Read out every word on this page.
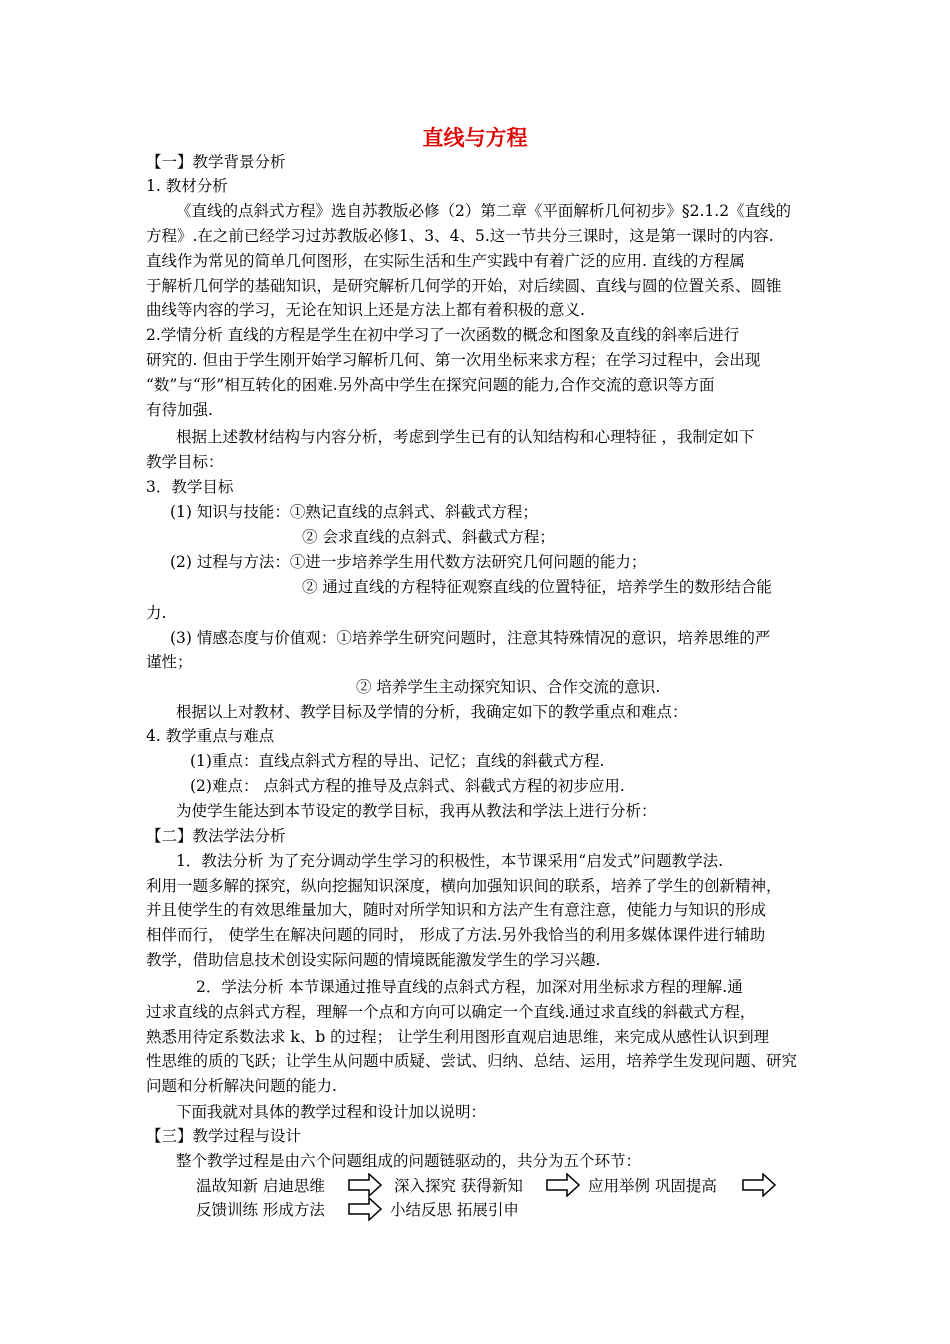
直线与方程
【一】教学背景分析
1. 教材分析
《直线的点斜式方程》选自苏教版必修（2）第二章《平面解析几何初步》§2.1.2《直线的
方程》.在之前已经学习过苏教版必修1、3、4、5.这一节共分三课时，这是第一课时的内容.
直线作为常见的简单几何图形，在实际生活和生产实践中有着广泛的应用. 直线的方程属
于解析几何学的基础知识，是研究解析几何学的开始，对后续圆、直线与圆的位置关系、圆锥
曲线等内容的学习，无论在知识上还是方法上都有着积极的意义.
2.学情分析 直线的方程是学生在初中学习了一次函数的概念和图象及直线的斜率后进行
研究的. 但由于学生刚开始学习解析几何、第一次用坐标来求方程；在学习过程中，会出现
“数”与“形”相互转化的困难.另外高中学生在探究问题的能力,合作交流的意识等方面
有待加强.
根据上述教材结构与内容分析，考虑到学生已有的认知结构和心理特征 ，我制定如下
教学目标：
3．教学目标
(1) 知识与技能：①熟记直线的点斜式、斜截式方程；
② 会求直线的点斜式、斜截式方程；
(2) 过程与方法：①进一步培养学生用代数方法研究几何问题的能力；
② 通过直线的方程特征观察直线的位置特征，培养学生的数形结合能
力.
(3) 情感态度与价值观：①培养学生研究问题时，注意其特殊情况的意识，培养思维的严
谨性；
② 培养学生主动探究知识、合作交流的意识.
根据以上对教材、教学目标及学情的分析，我确定如下的教学重点和难点：
4. 教学重点与难点
(1)重点：直线点斜式方程的导出、记忆；直线的斜截式方程.
(2)难点： 点斜式方程的推导及点斜式、斜截式方程的初步应用.
为使学生能达到本节设定的教学目标，我再从教法和学法上进行分析：
【二】教法学法分析
1．教法分析 为了充分调动学生学习的积极性，本节课采用“启发式”问题教学法.
利用一题多解的探究，纵向挖掘知识深度，横向加强知识间的联系，培养了学生的创新精神，
并且使学生的有效思维量加大，随时对所学知识和方法产生有意注意，使能力与知识的形成
相伴而行， 使学生在解决问题的同时， 形成了方法.另外我恰当的利用多媒体课件进行辅助
教学，借助信息技术创设实际问题的情境既能激发学生的学习兴趣.
2．学法分析 本节课通过推导直线的点斜式方程，加深对用坐标求方程的理解.通
过求直线的点斜式方程，理解一个点和方向可以确定一个直线.通过求直线的斜截式方程，
熟悉用待定系数法求 k、b 的过程； 让学生利用图形直观启迪思维，来完成从感性认识到理
性思维的质的飞跃；让学生从问题中质疑、尝试、归纳、总结、运用，培养学生发现问题、研究
问题和分析解决问题的能力.
下面我就对具体的教学过程和设计加以说明：
【三】教学过程与设计
整个教学过程是由六个问题组成的问题链驱动的，共分为五个环节：
温故知新 启迪思维	深入探究 获得新知	应用举例 巩固提高
反馈训练 形成方法	小结反思 拓展引申
